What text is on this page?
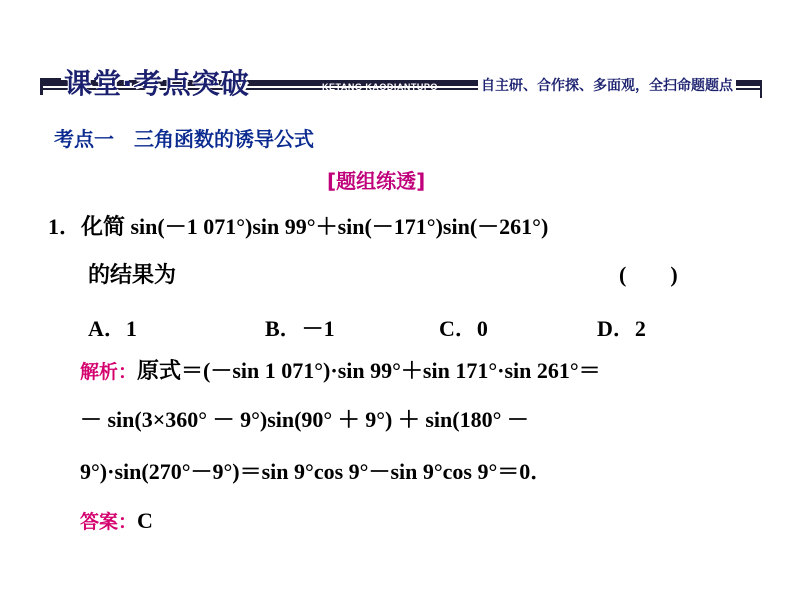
课堂·考点突破	KETANG KAODIANTUPO	自主研、合作探、多面观，全扫命题题点
考点一　三角函数的诱导公式
[题组练透]
1．化简 sin(－1 071°)sin 99°＋sin(－171°)sin(－261°)
的结果为	(　　)
A．1	B．－1	C．0	D．2
解析：原式＝(－sin 1 071°)·sin 99°＋sin 171°·sin 261°＝
－ sin(3×360° － 9°)sin(90° ＋ 9°) ＋ sin(180° －
9°)·sin(270°－9°)＝sin 9°cos 9°－sin 9°cos 9°＝0．
答案：C
